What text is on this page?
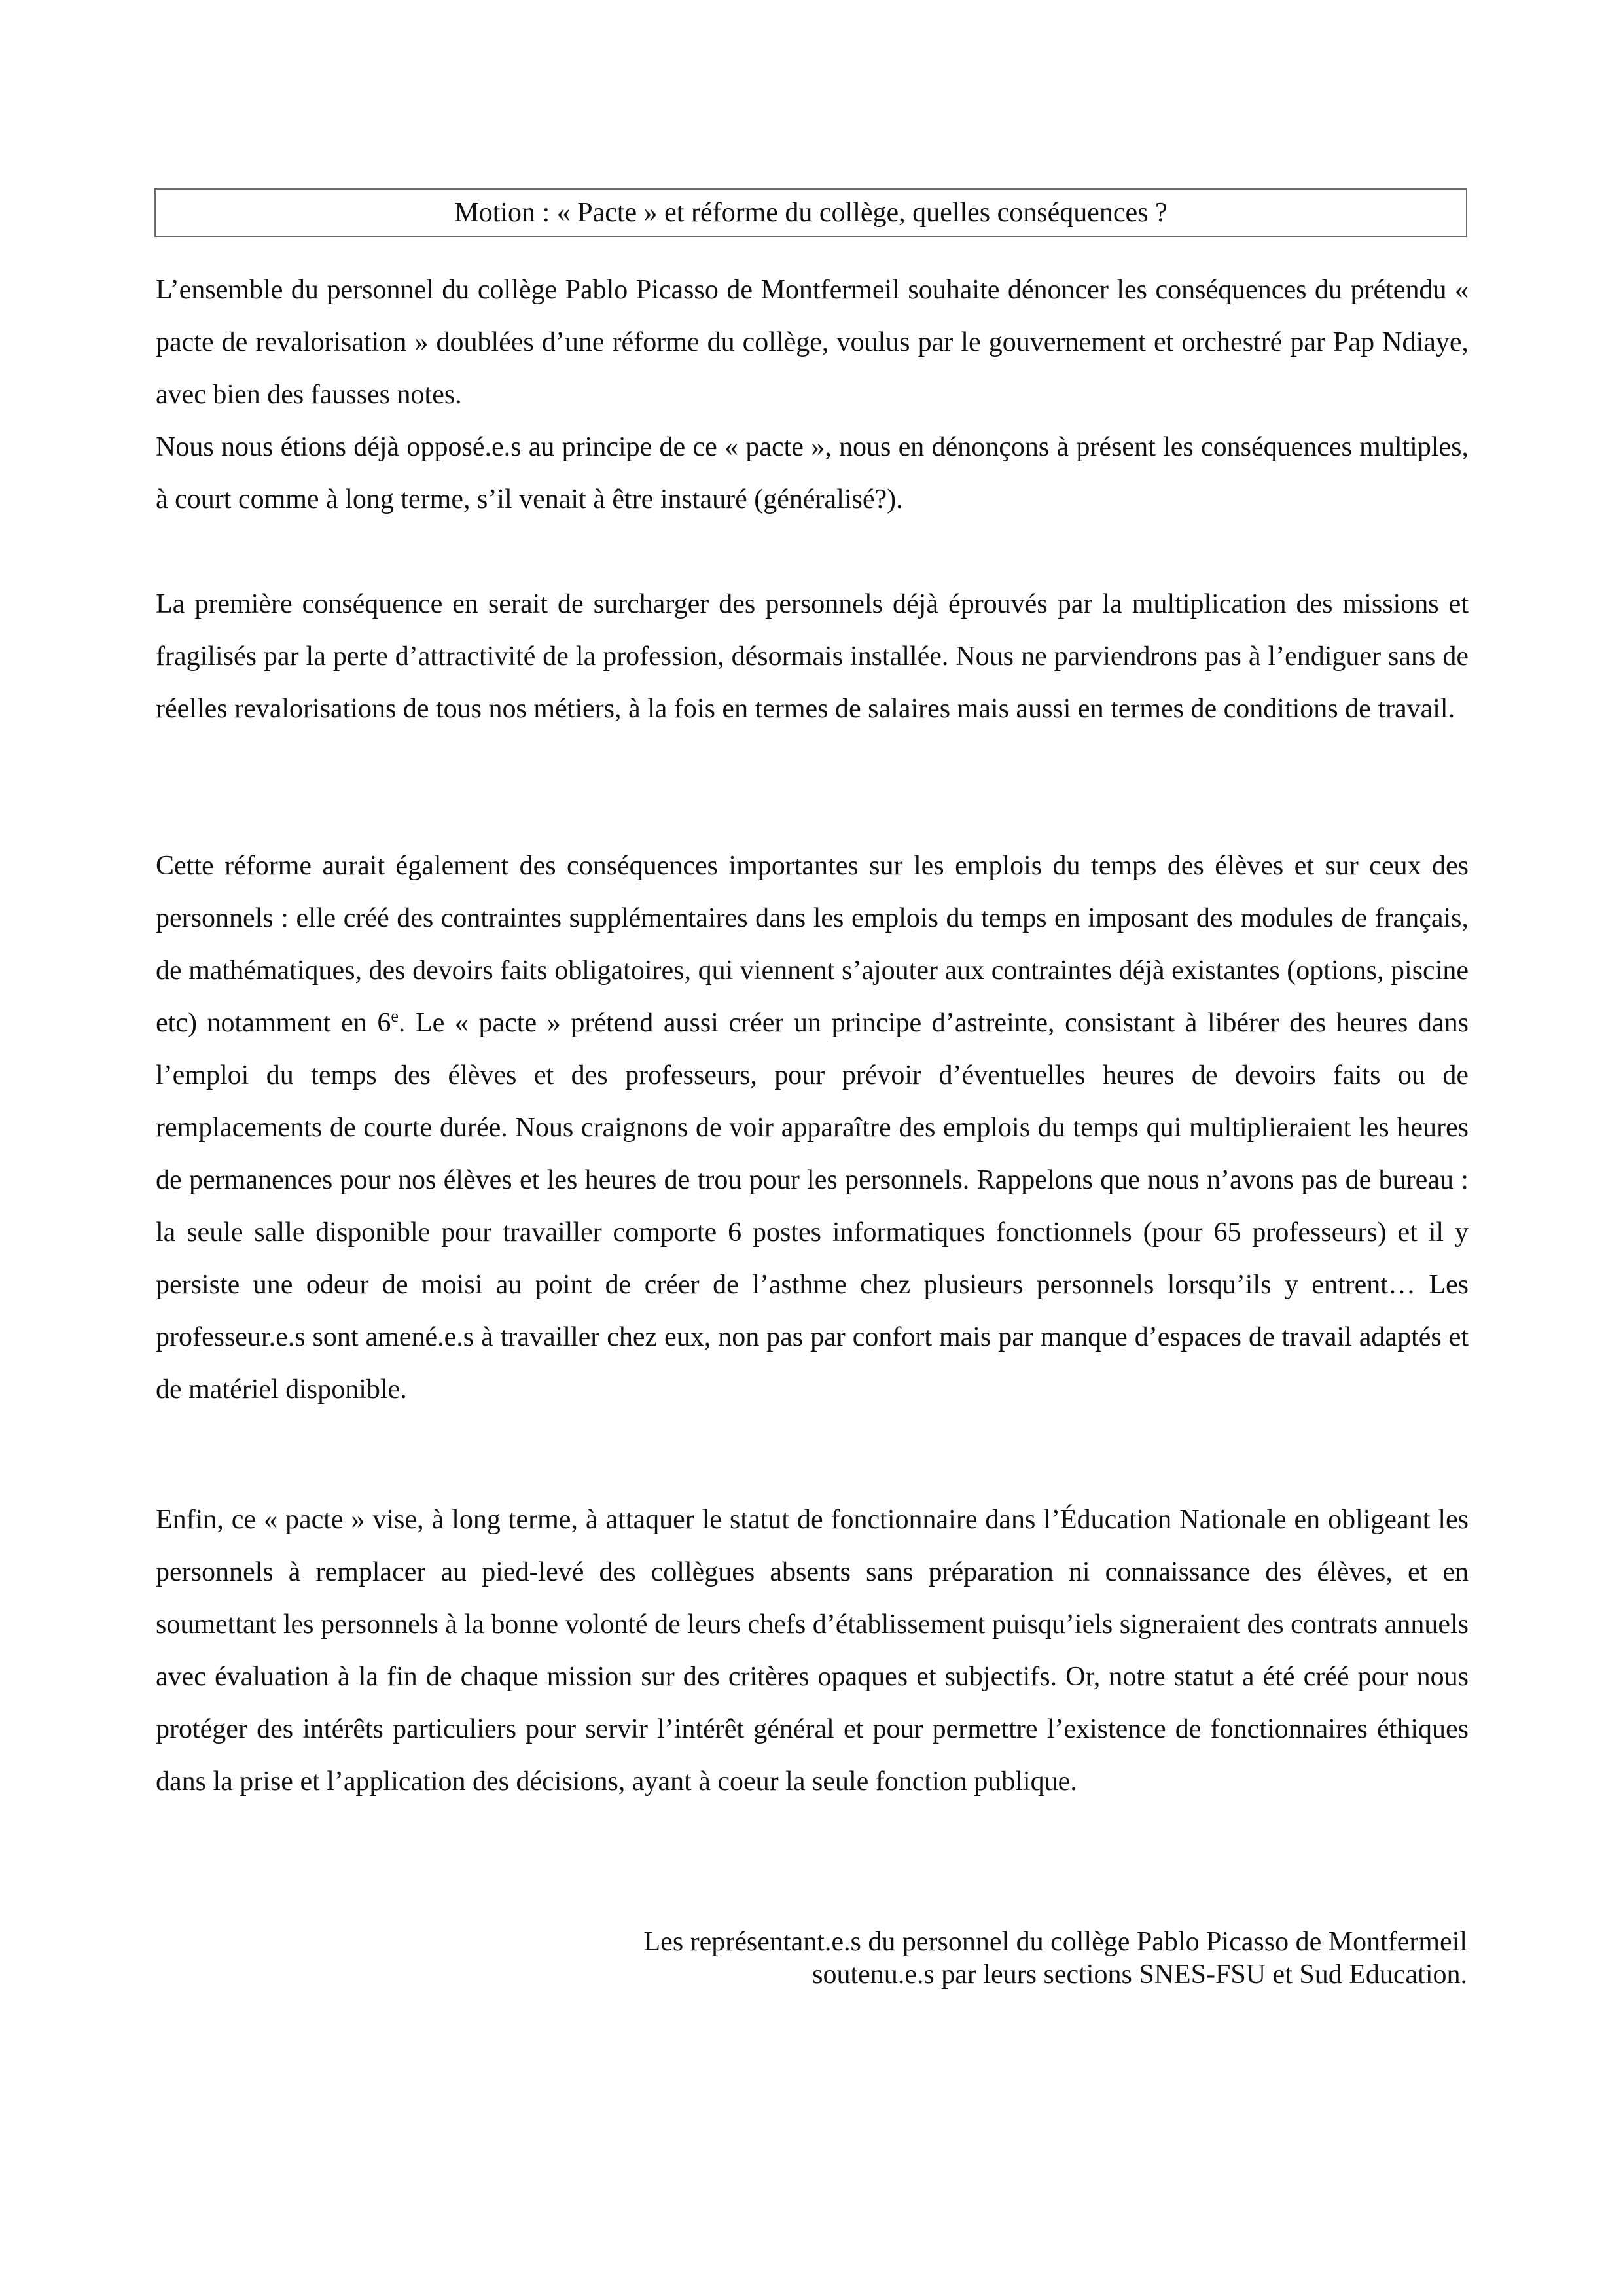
Motion : « Pacte » et réforme du collège, quelles conséquences ?
L’ensemble du personnel du collège Pablo Picasso de Montfermeil souhaite dénoncer les conséquences du prétendu « pacte de revalorisation » doublées d’une réforme du collège, voulus par le gouvernement et orchestré par Pap Ndiaye, avec bien des fausses notes.
Nous nous étions déjà opposé.e.s au principe de ce « pacte », nous en dénonçons à présent les conséquences multiples, à court comme à long terme, s’il venait à être instauré (généralisé?).

La première conséquence en serait de surcharger des personnels déjà éprouvés par la multiplication des missions et fragilisés par la perte d’attractivité de la profession, désormais installée. Nous ne parviendrons pas à l’endiguer sans de réelles revalorisations de tous nos métiers, à la fois en termes de salaires mais aussi en termes de conditions de travail.

Cette réforme aurait également des conséquences importantes sur les emplois du temps des élèves et sur ceux des personnels : elle créé des contraintes supplémentaires dans les emplois du temps en imposant des modules de français, de mathématiques, des devoirs faits obligatoires, qui viennent s’ajouter aux contraintes déjà existantes (options, piscine etc) notamment en 6e. Le « pacte » prétend aussi créer un principe d’astreinte, consistant à libérer des heures dans l’emploi du temps des élèves et des professeurs, pour prévoir d’éventuelles heures de devoirs faits ou de remplacements de courte durée. Nous craignons de voir apparaître des emplois du temps qui multiplieraient les heures de permanences pour nos élèves et les heures de trou pour les personnels. Rappelons que nous n’avons pas de bureau : la seule salle disponible pour travailler comporte 6 postes informatiques fonctionnels (pour 65 professeurs) et il y persiste une odeur de moisi au point de créer de l’asthme chez plusieurs personnels lorsqu’ils y entrent… Les professeur.e.s sont amené.e.s à travailler chez eux, non pas par confort mais par manque d’espaces de travail adaptés et de matériel disponible.

Enfin, ce « pacte » vise, à long terme, à attaquer le statut de fonctionnaire dans l’Éducation Nationale en obligeant les personnels à remplacer au pied-levé des collègues absents sans préparation ni connaissance des élèves, et en soumettant les personnels à la bonne volonté de leurs chefs d’établissement puisqu’iels signeraient des contrats annuels avec évaluation à la fin de chaque mission sur des critères opaques et subjectifs. Or, notre statut a été créé pour nous protéger des intérêts particuliers pour servir l’intérêt général et pour permettre l’existence de fonctionnaires éthiques dans la prise et l’application des décisions, ayant à coeur la seule fonction publique.

Les représentant.e.s du personnel du collège Pablo Picasso de Montfermeil
soutenu.e.s par leurs sections SNES-FSU et Sud Education.
